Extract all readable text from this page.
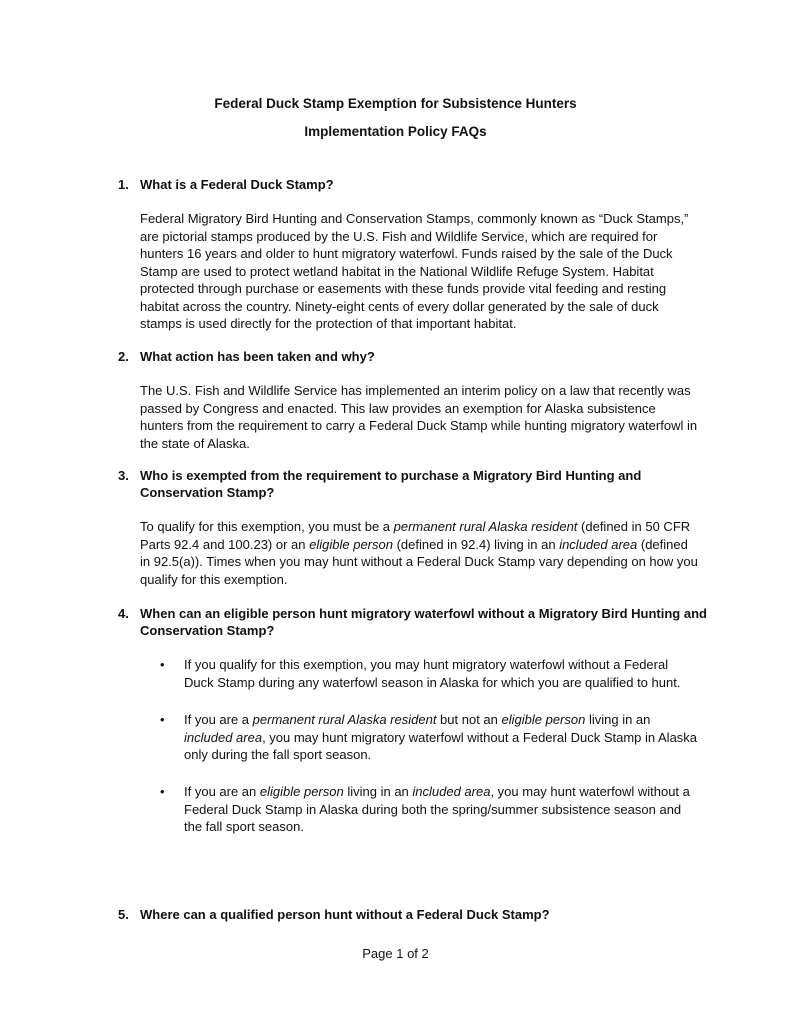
Federal Duck Stamp Exemption for Subsistence Hunters
Implementation Policy FAQs
1. What is a Federal Duck Stamp?
Federal Migratory Bird Hunting and Conservation Stamps, commonly known as “Duck Stamps,” are pictorial stamps produced by the U.S. Fish and Wildlife Service, which are required for hunters 16 years and older to hunt migratory waterfowl. Funds raised by the sale of the Duck Stamp are used to protect wetland habitat in the National Wildlife Refuge System. Habitat protected through purchase or easements with these funds provide vital feeding and resting habitat across the country. Ninety-eight cents of every dollar generated by the sale of duck stamps is used directly for the protection of that important habitat.
2. What action has been taken and why?
The U.S. Fish and Wildlife Service has implemented an interim policy on a law that recently was passed by Congress and enacted. This law provides an exemption for Alaska subsistence hunters from the requirement to carry a Federal Duck Stamp while hunting migratory waterfowl in the state of Alaska.
3. Who is exempted from the requirement to purchase a Migratory Bird Hunting and Conservation Stamp?
To qualify for this exemption, you must be a permanent rural Alaska resident (defined in 50 CFR Parts 92.4 and 100.23) or an eligible person (defined in 92.4) living in an included area (defined in 92.5(a)). Times when you may hunt without a Federal Duck Stamp vary depending on how you qualify for this exemption.
4. When can an eligible person hunt migratory waterfowl without a Migratory Bird Hunting and Conservation Stamp?
• If you qualify for this exemption, you may hunt migratory waterfowl without a Federal Duck Stamp during any waterfowl season in Alaska for which you are qualified to hunt.
• If you are a permanent rural Alaska resident but not an eligible person living in an included area, you may hunt migratory waterfowl without a Federal Duck Stamp in Alaska only during the fall sport season.
• If you are an eligible person living in an included area, you may hunt waterfowl without a Federal Duck Stamp in Alaska during both the spring/summer subsistence season and the fall sport season.
5. Where can a qualified person hunt without a Federal Duck Stamp?
Page 1 of 2
